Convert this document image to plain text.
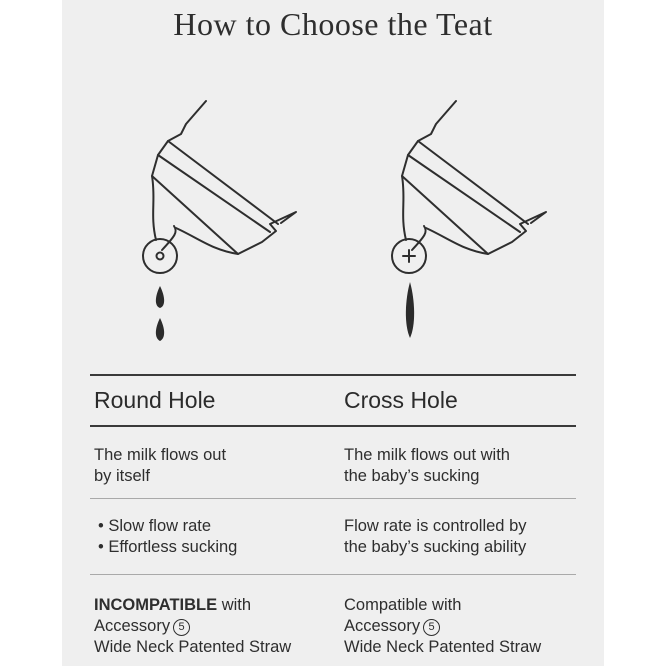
How to Choose the Teat
Round Hole	Cross Hole
The milk flows out
by itself
The milk flows out with
the baby’s sucking
• Slow flow rate
• Effortless sucking
Flow rate is controlled by
the baby’s sucking ability
INCOMPATIBLE with
Accessory 5
Wide Neck Patented Straw
Compatible with
Accessory 5
Wide Neck Patented Straw
